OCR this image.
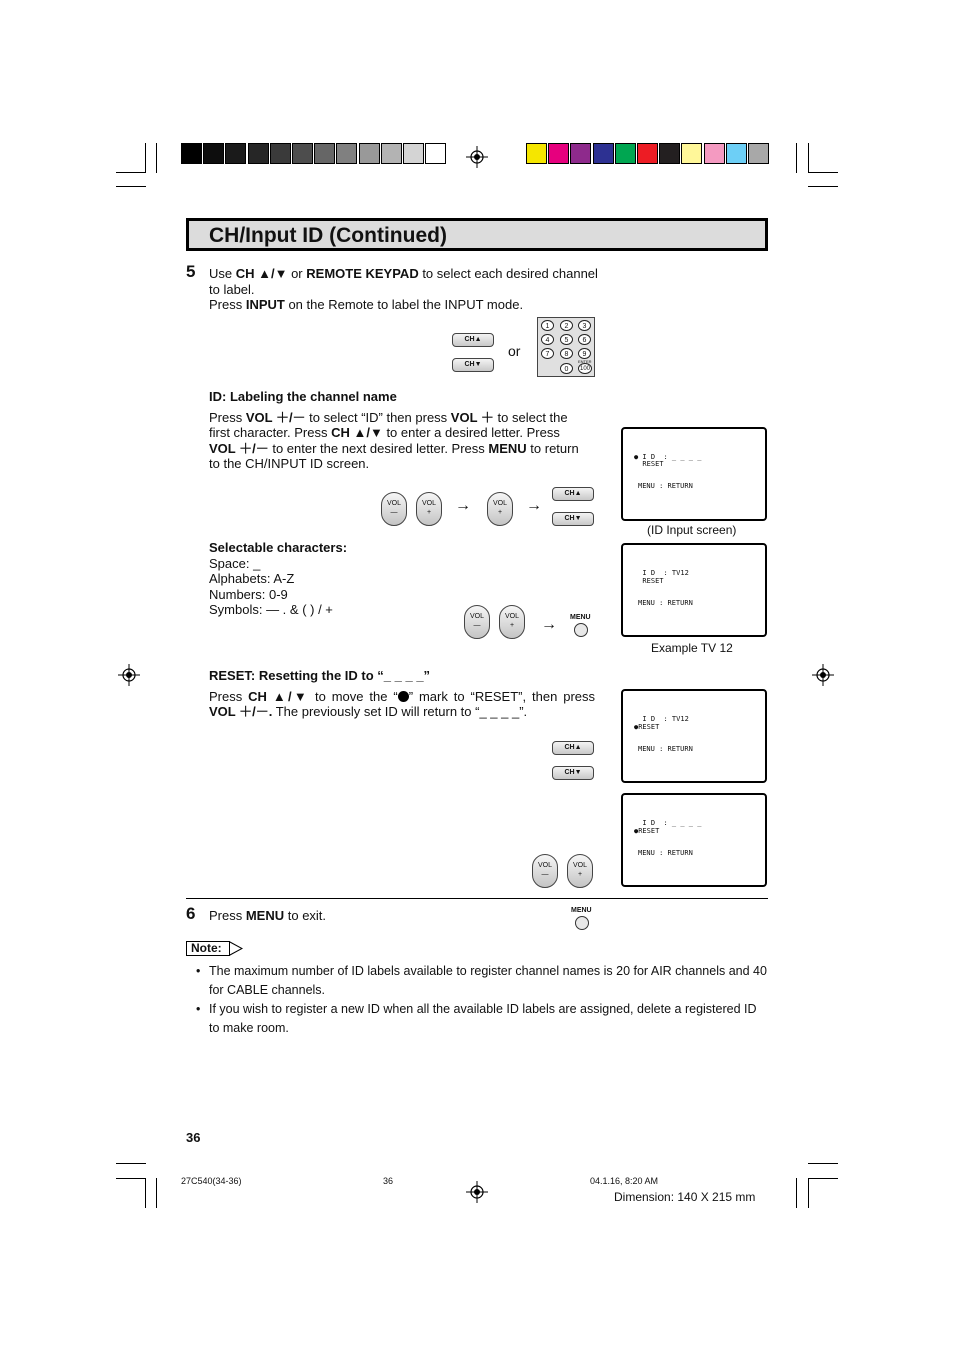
CH/Input ID (Continued)
5 Use CH ▲/▼ or REMOTE KEYPAD to select each desired channel
to label.
Press INPUT on the Remote to label the INPUT mode.
CH▲
CH▼
or
1	2	3
4	5	6
7	8	9
0	100
ENTER
ID: Labeling the channel name
Press VOL ＋/－ to select “ID” then press VOL ＋ to select the
first character. Press CH ▲/▼ to enter a desired letter. Press
VOL ＋/－ to enter the next desired letter. Press MENU to return
to the CH/INPUT ID screen.
VOL
—
VOL
+	→	VOL
+	→
CH▲
CH▼
Selectable characters:
Space: _
Alphabets: A-Z
Numbers: 0-9
Symbols: — . & ( ) / +	VOL
—
VOL
+	→ MENU
● I D  : _ _ _ _
RESET
MENU : RETURN
(ID Input screen)
I D  : TV12
RESET
MENU : RETURN
Example TV 12
I D  : TV12
●RESET
MENU : RETURN
I D  : _ _ _ _
●RESET
MENU : RETURN
RESET: Resetting the ID to “_ _ _ _”
Press CH ▲/▼ to move the “ ” mark to “RESET”, then press
VOL ＋/－. The previously set ID will return to “_ _ _ _”.
CH▲
CH▼
VOL
—
VOL
+
6 Press MENU to exit.	MENU
Note:
• The maximum number of ID labels available to register channel names is 20 for AIR channels and 40
for CABLE channels.
• If you wish to register a new ID when all the available ID labels are assigned, delete a registered ID
to make room.
36
27C540(34-36)	36	04.1.16, 8:20 AM
Dimension: 140 X 215 mm
